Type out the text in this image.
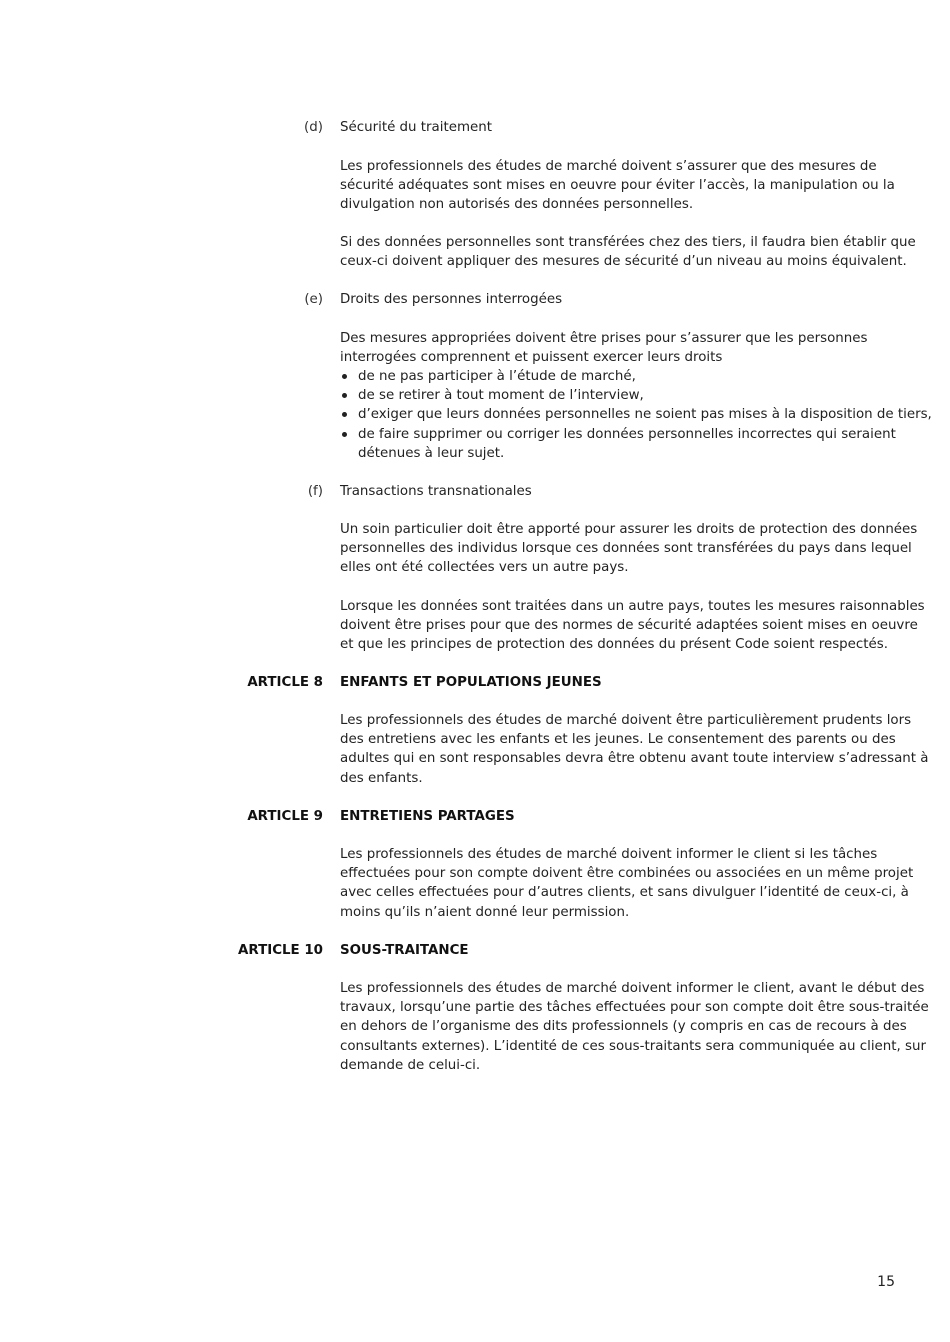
(d) Sécurité du traitement

Les professionnels des études de marché doivent s’assurer que des mesures de
sécurité adéquates sont mises en oeuvre pour éviter l’accès, la manipulation ou la
divulgation non autorisés des données personnelles.

Si des données personnelles sont transférées chez des tiers, il faudra bien établir que
ceux-ci doivent appliquer des mesures de sécurité d’un niveau au moins équivalent.

(e) Droits des personnes interrogées

Des mesures appropriées doivent être prises pour s’assurer que les personnes
interrogées comprennent et puissent exercer leurs droits

de ne pas participer à l’étude de marché,
de se retirer à tout moment de l’interview,
d’exiger que leurs données personnelles ne soient pas mises à la disposition de tiers,
de faire supprimer ou corriger les données personnelles incorrectes qui seraient
détenues à leur sujet.
(f) Transactions transnationales

Un soin particulier doit être apporté pour assurer les droits de protection des données
personnelles des individus lorsque ces données sont transférées du pays dans lequel
elles ont été collectées vers un autre pays.

Lorsque les données sont traitées dans un autre pays, toutes les mesures raisonnables
doivent être prises pour que des normes de sécurité adaptées soient mises en oeuvre
et que les principes de protection des données du présent Code soient respectés.

ARTICLE 8 ENFANTS ET POPULATIONS JEUNES

Les professionnels des études de marché doivent être particulièrement prudents lors
des entretiens avec les enfants et les jeunes. Le consentement des parents ou des
adultes qui en sont responsables devra être obtenu avant toute interview s’adressant à
des enfants.

ARTICLE 9 ENTRETIENS PARTAGES

Les professionnels des études de marché doivent informer le client si les tâches
effectuées pour son compte doivent être combinées ou associées en un même projet
avec celles effectuées pour d’autres clients, et sans divulguer l’identité de ceux-ci, à
moins qu’ils n’aient donné leur permission.

ARTICLE 10 SOUS-TRAITANCE

Les professionnels des études de marché doivent informer le client, avant le début des
travaux, lorsqu’une partie des tâches effectuées pour son compte doit être sous-traitée
en dehors de l’organisme des dits professionnels (y compris en cas de recours à des
consultants externes). L’identité de ces sous-traitants sera communiquée au client, sur
demande de celui-ci.

15
